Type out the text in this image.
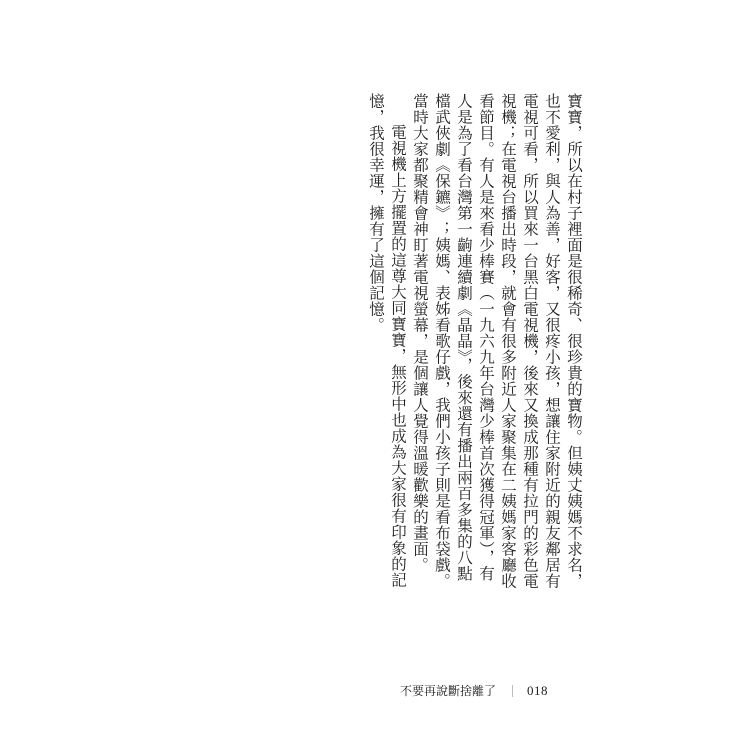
寶寶，所以在村子裡面是很稀奇、很珍貴的寶物。但姨丈姨媽不求名，也不愛利，與人為善，好客，又很疼小孩，想讓住家附近的親友鄰居有電視可看，所以買來一台黑白電視機，後來又換成那種有拉門的彩色電視機；在電視台播出時段，就會有很多附近人家聚集在二姨媽家客廳收看節目。有人是來看少棒賽（一九六九年台灣少棒首次獲得冠軍），有人是為了看台灣第一齣連續劇《晶晶》，後來還有播出兩百多集的八點檔武俠劇《保鑣》；姨媽、表姊看歌仔戲，我們小孩子則是看布袋戲。當時大家都聚精會神盯著電視螢幕，是個讓人覺得溫暖歡樂的畫面。

電視機上方擺置的這尊大同寶寶，無形中也成為大家很有印象的記憶，我很幸運，擁有了這個記憶。

不要再說斷捨離了 018
